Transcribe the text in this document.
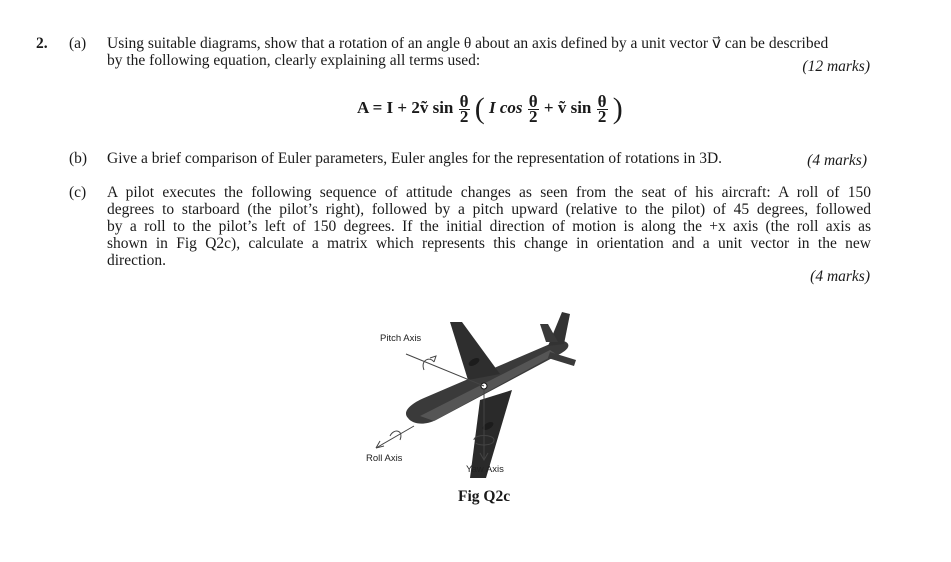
2. (a) Using suitable diagrams, show that a rotation of an angle θ about an axis defined by a unit vector v⃗ can be described
by the following equation, clearly explaining all terms used:	(12 marks)
A = I + 2ṽ $\sin \frac{\theta}{2}$ ( I $\cos \frac{\theta}{2}$ + ṽ $\sin \frac{\theta}{2}$ )
(b) Give a brief comparison of Euler parameters, Euler angles for the representation of rotations in 3D.	(4 marks)
(c) A pilot executes the following sequence of attitude changes as seen from the seat of his aircraft: A roll of 150
degrees to starboard (the pilot’s right), followed by a pitch upward (relative to the pilot) of 45 degrees, followed
by a roll to the pilot’s left of 150 degrees. If the initial direction of motion is along the +x axis (the roll axis as
shown in Fig Q2c), calculate a matrix which represents this change in orientation and a unit vector in the new
direction.
(4 marks)
Pitch Axis
Roll Axis
Yaw Axis
Fig Q2c
